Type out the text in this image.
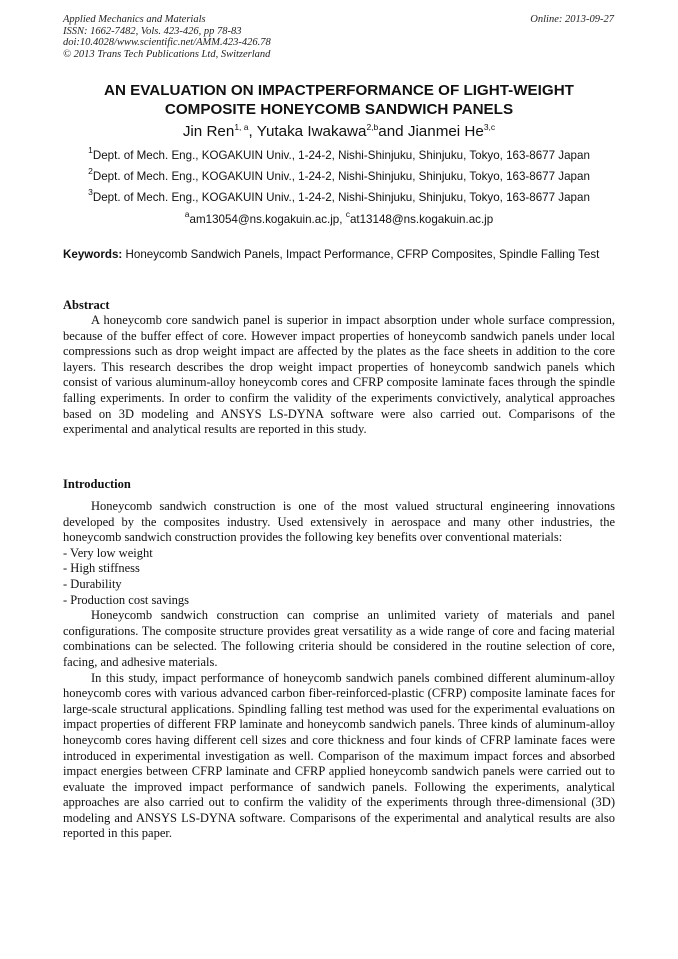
Applied Mechanics and Materials
ISSN: 1662-7482, Vols. 423-426, pp 78-83
doi:10.4028/www.scientific.net/AMM.423-426.78
© 2013 Trans Tech Publications Ltd, Switzerland
Online: 2013-09-27
AN EVALUATION ON IMPACTPERFORMANCE OF LIGHT-WEIGHT
COMPOSITE HONEYCOMB SANDWICH PANELS
Jin Ren$^{1, a}$, Yutaka Iwakawa$^{2,b}$and Jianmei He$^{3,c}$
$^1$Dept. of Mech. Eng., KOGAKUIN Univ., 1-24-2, Nishi-Shinjuku, Shinjuku, Tokyo, 163-8677 Japan
$^2$Dept. of Mech. Eng., KOGAKUIN Univ., 1-24-2, Nishi-Shinjuku, Shinjuku, Tokyo, 163-8677 Japan
$^3$Dept. of Mech. Eng., KOGAKUIN Univ., 1-24-2, Nishi-Shinjuku, Shinjuku, Tokyo, 163-8677 Japan
$^a$am13054@ns.kogakuin.ac.jp, $^c$at13148@ns.kogakuin.ac.jp
Keywords: Honeycomb Sandwich Panels, Impact Performance, CFRP Composites, Spindle Falling Test
Abstract

A honeycomb core sandwich panel is superior in impact absorption under whole surface compression, because of the buffer effect of core. However impact properties of honeycomb sandwich panels under local compressions such as drop weight impact are affected by the plates as the face sheets in addition to the core layers. This research describes the drop weight impact properties of honeycomb sandwich panels which consist of various aluminum-alloy honeycomb cores and CFRP composite laminate faces through the spindle falling experiments. In order to confirm the validity of the experiments convictively, analytical approaches based on 3D modeling and ANSYS LS-DYNA software were also carried out. Comparisons of the experimental and analytical results are reported in this study.

Introduction

Honeycomb sandwich construction is one of the most valued structural engineering innovations developed by the composites industry. Used extensively in aerospace and many other industries, the honeycomb sandwich construction provides the following key benefits over conventional materials:

- Very low weight
- High stiffness
- Durability
- Production cost savings

Honeycomb sandwich construction can comprise an unlimited variety of materials and panel configurations. The composite structure provides great versatility as a wide range of core and facing material combinations can be selected. The following criteria should be considered in the routine selection of core, facing, and adhesive materials.

In this study, impact performance of honeycomb sandwich panels combined different aluminum-alloy honeycomb cores with various advanced carbon fiber-reinforced-plastic (CFRP) composite laminate faces for large-scale structural applications. Spindling falling test method was used for the experimental evaluations on impact properties of different FRP laminate and honeycomb sandwich panels. Three kinds of aluminum-alloy honeycomb cores having different cell sizes and core thickness and four kinds of CFRP laminate faces were introduced in experimental investigation as well. Comparison of the maximum impact forces and absorbed impact energies between CFRP laminate and CFRP applied honeycomb sandwich panels were carried out to evaluate the improved impact performance of sandwich panels. Following the experiments, analytical approaches are also carried out to confirm the validity of the experiments through three-dimensional (3D) modeling and ANSYS LS-DYNA software. Comparisons of the experimental and analytical results are also reported in this paper.
